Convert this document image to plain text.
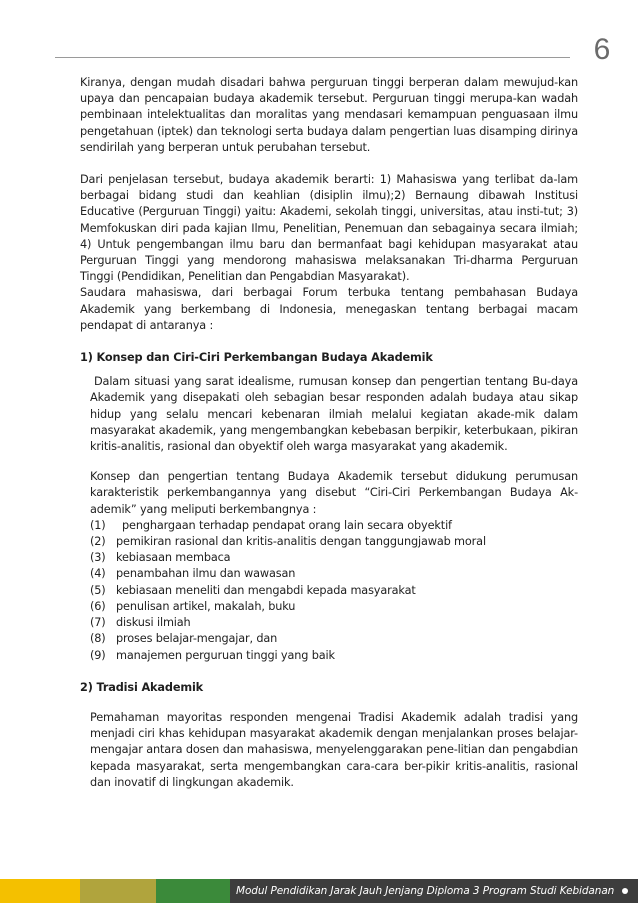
6

Kiranya, dengan mudah disadari bahwa perguruan tinggi berperan dalam mewujud-kan upaya dan pencapaian budaya akademik tersebut. Perguruan tinggi merupa-kan wadah pembinaan intelektualitas dan moralitas yang mendasari kemampuan penguasaan ilmu pengetahuan (iptek) dan teknologi serta budaya dalam pengertian luas disamping dirinya sendirilah yang berperan untuk perubahan tersebut.

Dari penjelasan tersebut, budaya akademik berarti: 1) Mahasiswa yang terlibat da-lam berbagai bidang studi dan keahlian (disiplin ilmu);2) Bernaung dibawah Institusi Educative (Perguruan Tinggi) yaitu: Akademi, sekolah tinggi, universitas, atau insti-tut; 3) Memfokuskan diri pada kajian Ilmu, Penelitian, Penemuan dan sebagainya secara ilmiah; 4) Untuk pengembangan ilmu baru dan bermanfaat bagi kehidupan masyarakat atau Perguruan Tinggi yang mendorong mahasiswa melaksanakan Tri-dharma Perguruan Tinggi (Pendidikan, Penelitian dan Pengabdian Masyarakat).

Saudara mahasiswa, dari berbagai Forum terbuka tentang pembahasan Budaya Akademik yang berkembang di Indonesia, menegaskan tentang berbagai macam pendapat di antaranya :

1) Konsep dan Ciri-Ciri Perkembangan Budaya Akademik

Dalam situasi yang sarat idealisme, rumusan konsep dan pengertian tentang Bu-daya Akademik yang disepakati oleh sebagian besar responden adalah budaya atau sikap hidup yang selalu mencari kebenaran ilmiah melalui kegiatan akade-mik dalam masyarakat akademik, yang mengembangkan kebebasan berpikir, keterbukaan, pikiran kritis-analitis, rasional dan obyektif oleh warga masyarakat yang akademik.

Konsep dan pengertian tentang Budaya Akademik tersebut didukung perumusan karakteristik perkembangannya yang disebut “Ciri-Ciri Perkembangan Budaya Ak-ademik” yang meliputi berkembangnya :

(1)	penghargaan terhadap pendapat orang lain secara obyektif
(2) pemikiran rasional dan kritis-analitis dengan tanggungjawab moral
(3) kebiasaan membaca
(4) penambahan ilmu dan wawasan
(5) kebiasaan meneliti dan mengabdi kepada masyarakat
(6) penulisan artikel, makalah, buku
(7) diskusi ilmiah
(8) proses belajar-mengajar, dan
(9) manajemen perguruan tinggi yang baik

2) Tradisi Akademik

Pemahaman mayoritas responden mengenai Tradisi Akademik adalah tradisi yang menjadi ciri khas kehidupan masyarakat akademik dengan menjalankan proses belajar-mengajar antara dosen dan mahasiswa, menyelenggarakan pene-litian dan pengabdian kepada masyarakat, serta mengembangkan cara-cara ber-pikir kritis-analitis, rasional dan inovatif di lingkungan akademik.

Modul Pendidikan Jarak Jauh Jenjang Diploma 3 Program Studi Kebidanan
